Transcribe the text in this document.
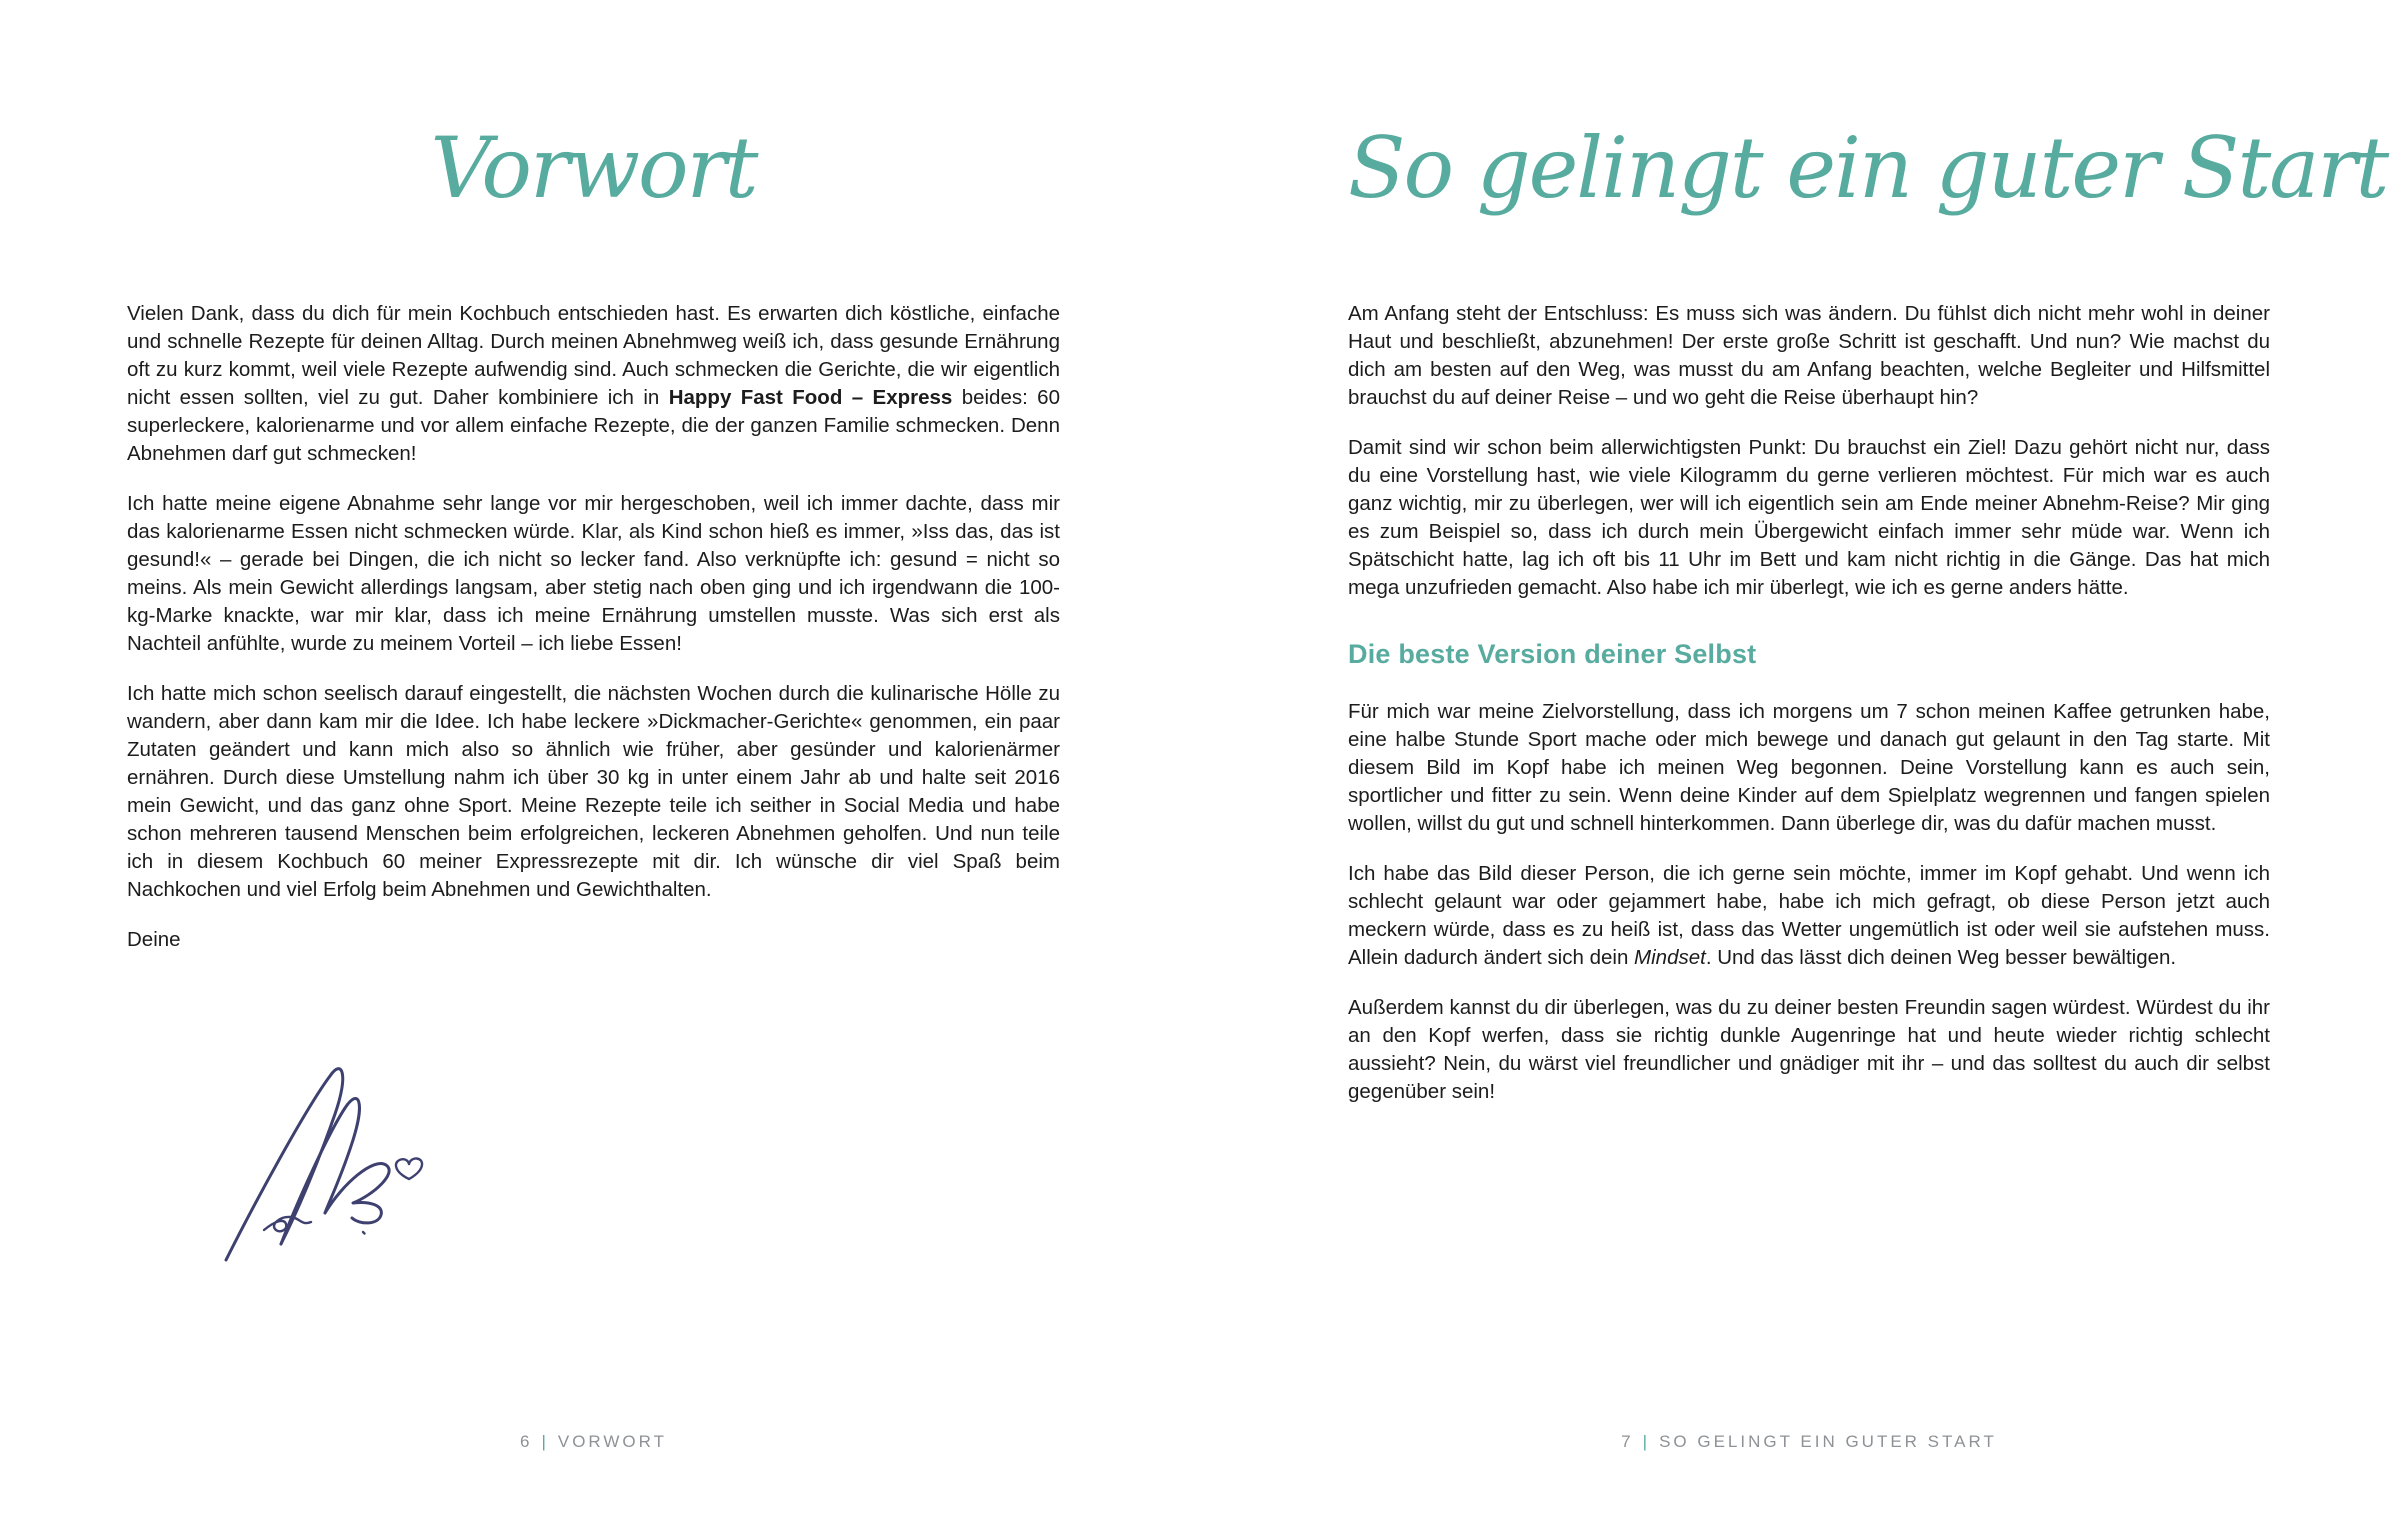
Vorwort

Vielen Dank, dass du dich für mein Kochbuch entschieden hast. Es erwarten dich köstliche, einfache und schnelle Rezepte für deinen Alltag. Durch meinen Abnehmweg weiß ich, dass gesunde Ernährung oft zu kurz kommt, weil viele Rezepte aufwendig sind. Auch schmecken die Gerichte, die wir eigentlich nicht essen sollten, viel zu gut. Daher kombiniere ich in Happy Fast Food – Express beides: 60 superleckere, kalorienarme und vor allem einfache Rezepte, die der ganzen Familie schmecken. Denn Abnehmen darf gut schmecken!

Ich hatte meine eigene Abnahme sehr lange vor mir hergeschoben, weil ich immer dachte, dass mir das kalorienarme Essen nicht schmecken würde. Klar, als Kind schon hieß es immer, »Iss das, das ist gesund!« – gerade bei Dingen, die ich nicht so lecker fand. Also verknüpfte ich: gesund = nicht so meins. Als mein Gewicht allerdings langsam, aber stetig nach oben ging und ich irgendwann die 100-kg-Marke knackte, war mir klar, dass ich meine Ernährung umstellen musste. Was sich erst als Nachteil anfühlte, wurde zu meinem Vorteil – ich liebe Essen!

Ich hatte mich schon seelisch darauf eingestellt, die nächsten Wochen durch die kulinarische Hölle zu wandern, aber dann kam mir die Idee. Ich habe leckere »Dickmacher-Gerichte« genommen, ein paar Zutaten geändert und kann mich also so ähnlich wie früher, aber gesünder und kalorienärmer ernähren. Durch diese Umstellung nahm ich über 30 kg in unter einem Jahr ab und halte seit 2016 mein Gewicht, und das ganz ohne Sport. Meine Rezepte teile ich seither in Social Media und habe schon mehreren tausend Menschen beim erfolgreichen, leckeren Abnehmen geholfen. Und nun teile ich in diesem Kochbuch 60 meiner Expressrezepte mit dir. Ich wünsche dir viel Spaß beim Nachkochen und viel Erfolg beim Abnehmen und Gewichthalten.

Deine

6 | VORWORT
So gelingt ein guter Start

Am Anfang steht der Entschluss: Es muss sich was ändern. Du fühlst dich nicht mehr wohl in deiner Haut und beschließt, abzunehmen! Der erste große Schritt ist geschafft. Und nun? Wie machst du dich am besten auf den Weg, was musst du am Anfang beachten, welche Begleiter und Hilfsmittel brauchst du auf deiner Reise – und wo geht die Reise überhaupt hin?

Damit sind wir schon beim allerwichtigsten Punkt: Du brauchst ein Ziel! Dazu gehört nicht nur, dass du eine Vorstellung hast, wie viele Kilogramm du gerne verlieren möchtest. Für mich war es auch ganz wichtig, mir zu überlegen, wer will ich eigentlich sein am Ende meiner Abnehm-Reise? Mir ging es zum Beispiel so, dass ich durch mein Übergewicht einfach immer sehr müde war. Wenn ich Spätschicht hatte, lag ich oft bis 11 Uhr im Bett und kam nicht richtig in die Gänge. Das hat mich mega unzufrieden gemacht. Also habe ich mir überlegt, wie ich es gerne anders hätte.

Die beste Version deiner Selbst

Für mich war meine Zielvorstellung, dass ich morgens um 7 schon meinen Kaffee getrunken habe, eine halbe Stunde Sport mache oder mich bewege und danach gut gelaunt in den Tag starte. Mit diesem Bild im Kopf habe ich meinen Weg begonnen. Deine Vorstellung kann es auch sein, sportlicher und fitter zu sein. Wenn deine Kinder auf dem Spielplatz wegrennen und fangen spielen wollen, willst du gut und schnell hinterkommen. Dann überlege dir, was du dafür machen musst.

Ich habe das Bild dieser Person, die ich gerne sein möchte, immer im Kopf gehabt. Und wenn ich schlecht gelaunt war oder gejammert habe, habe ich mich gefragt, ob diese Person jetzt auch meckern würde, dass es zu heiß ist, dass das Wetter ungemütlich ist oder weil sie aufstehen muss. Allein dadurch ändert sich dein Mindset. Und das lässt dich deinen Weg besser bewältigen.

Außerdem kannst du dir überlegen, was du zu deiner besten Freundin sagen würdest. Würdest du ihr an den Kopf werfen, dass sie richtig dunkle Augenringe hat und heute wieder richtig schlecht aussieht? Nein, du wärst viel freundlicher und gnädiger mit ihr – und das solltest du auch dir selbst gegenüber sein!

7 | SO GELINGT EIN GUTER START
